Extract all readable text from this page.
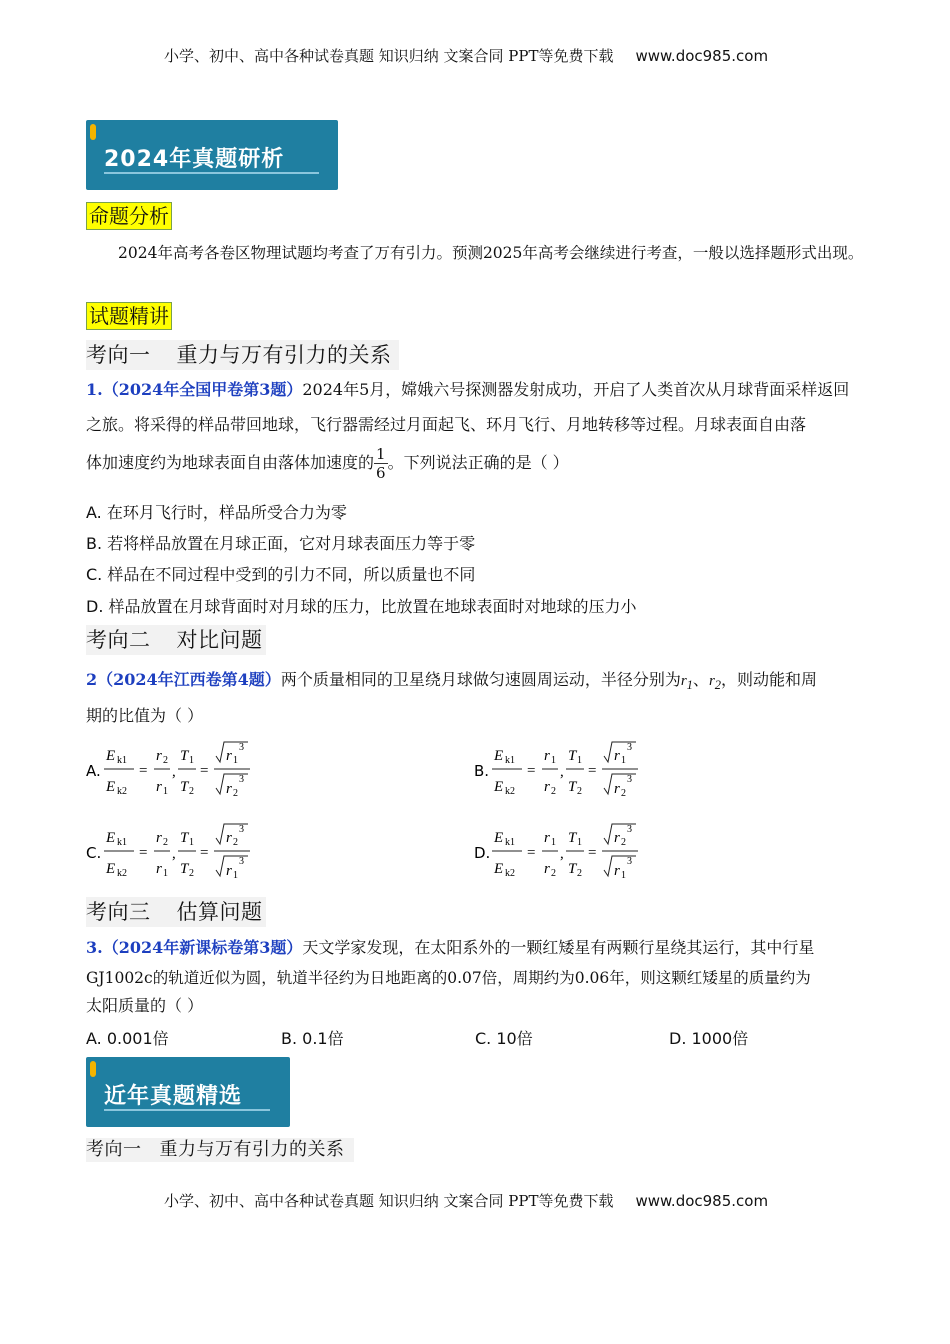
小学、初中、高中各种试卷真题 知识归纳 文案合同 PPT等免费下载 www.doc985.com
2024年真题研析
命题分析
2024年高考各卷区物理试题均考查了万有引力。预测2025年高考会继续进行考查，一般以选择题形式出现。
试题精讲
考向一 重力与万有引力的关系
1.（2024年全国甲卷第3题）2024年5月，嫦娥六号探测器发射成功，开启了人类首次从月球背面采样返回之旅。将采得的样品带回地球，飞行器需经过月面起飞、环月飞行、月地转移等过程。月球表面自由落
体加速度约为地球表面自由落体加速度的 $\frac{1}{6}$ 。下列说法正确的是（ ）
A. 在环月飞行时，样品所受合力为零
B. 若将样品放置在月球正面，它对月球表面压力等于零
C. 样品在不同过程中受到的引力不同，所以质量也不同
D. 样品放置在月球背面时对月球的压力，比放置在地球表面时对地球的压力小
考向二 对比问题
2（2024年江西卷第4题）两个质量相同的卫星绕月球做匀速圆周运动，半径分别为$r_1$、$r_2$，则动能和周
期的比值为（ ）
A.
r 2
r 1
,
T 1
T 2
=
r 1
3
r 2
3	B.
r 1
r 2
,
T 1
T 2
=
r 1
3
r 2
3
C.
r 2
r 1
,
T 1
T 2
=
r 2
3
r 1
3	D.
r 1
r 2
,
T 1
T 2
=
r 2
3
r 1
3
考向三 估算问题
3.（2024年新课标卷第3题）天文学家发现，在太阳系外的一颗红矮星有两颗行星绕其运行，其中行星
GJ1002c的轨道近似为圆，轨道半径约为日地距离的0.07倍，周期约为0.06年，则这颗红矮星的质量约为
太阳质量的（ ）
A. 0.001倍	B. 0.1倍	C. 10倍	D. 1000倍
近年真题精选
考向一 重力与万有引力的关系
小学、初中、高中各种试卷真题 知识归纳 文案合同 PPT等免费下载 www.doc985.com
